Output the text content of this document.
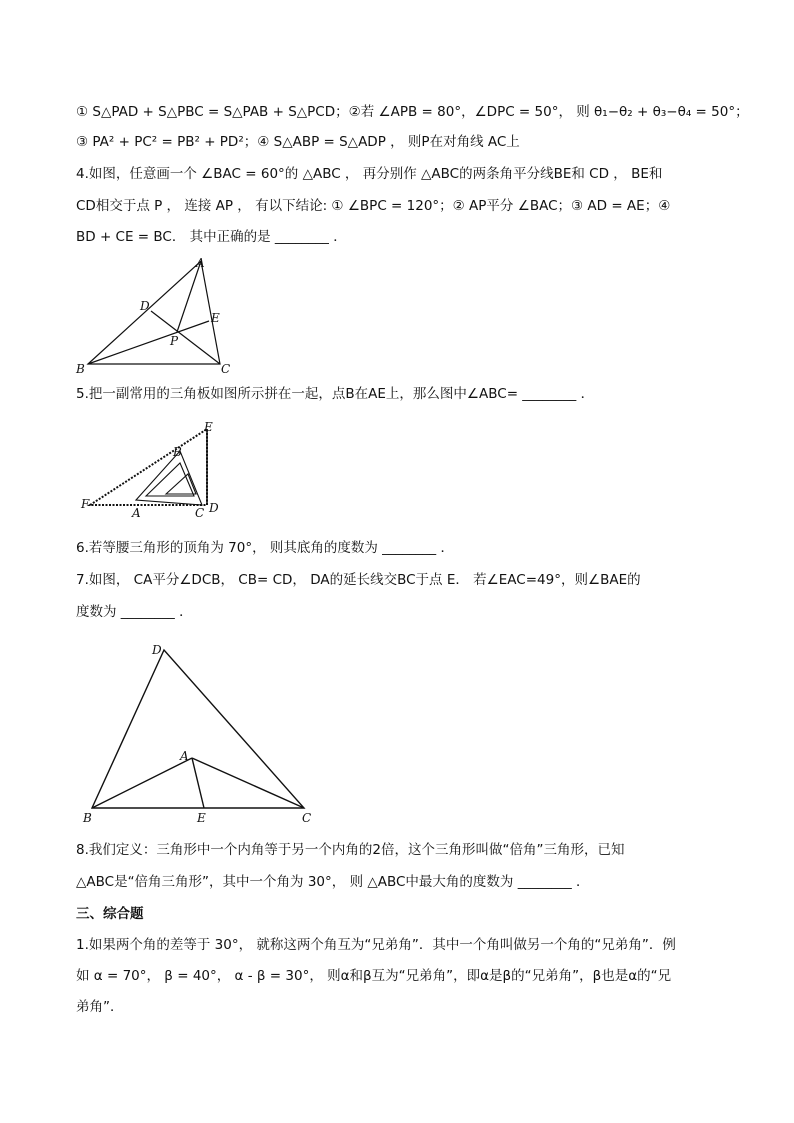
① S△PAD + S△PBC = S△PAB + S△PCD；②若 ∠APB = 80°，∠DPC = 50°， 则 θ₁−θ₂ + θ₃−θ₄ = 50°；
③ PA² + PC² = PB² + PD²；④ S△ABP = S△ADP ， 则P在对角线 AC上
4.如图，任意画一个 ∠BAC = 60°的 △ABC ， 再分别作 △ABC的两条角平分线BE和 CD ， BE和
CD相交于点 P ， 连接 AP ， 有以下结论: ① ∠BPC = 120°；② AP平分 ∠BAC；③ AD = AE；④
BD + CE = BC． 其中正确的是 ________ ．
A
B	C
D
E
P
5.把一副常用的三角板如图所示拼在一起，点B在AE上，那么图中∠ABC= ________ ．
E
B
F
A	C D
6.若等腰三角形的顶角为 70°， 则其底角的度数为 ________ ．
7.如图， CA平分∠DCB， CB= CD， DA的延长线交BC于点 E． 若∠EAC=49°，则∠BAE的
度数为 ________ ．
D
A
B	E	C
8.我们定义：三角形中一个内角等于另一个内角的2倍，这个三角形叫做“倍角”三角形，已知
△ABC是“倍角三角形”，其中一个角为 30°， 则 △ABC中最大角的度数为 ________ ．
三、综合题
1.如果两个角的差等于 30°， 就称这两个角互为“兄弟角”．其中一个角叫做另一个角的“兄弟角”．例
如 α = 70°， β = 40°， α - β = 30°， 则α和β互为“兄弟角”，即α是β的“兄弟角”，β也是α的“兄
弟角”．
